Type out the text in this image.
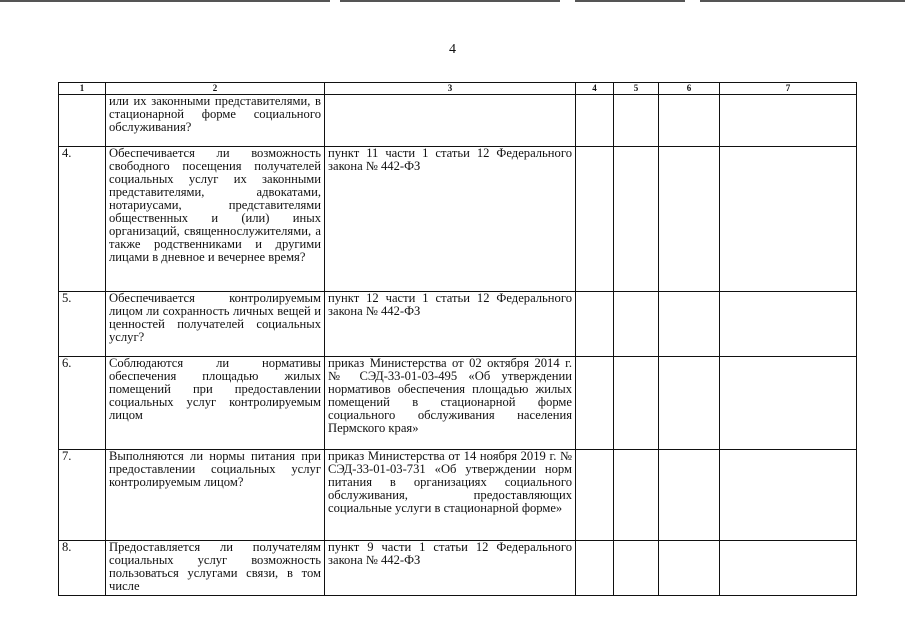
4
1	2	3	4	5	6	7
	или их законными представителями, в стационарной форме социального обслуживания?					
4.	Обеспечивается ли возможность свободного посещения получателей социальных услуг их законными представителями, адвокатами, нотариусами, представителями общественных и (или) иных организаций, священнослужителями, а также родственниками и другими лицами в дневное и вечернее время?	пункт 11 части 1 статьи 12 Федерального закона № 442-ФЗ				
5.	Обеспечивается контролируемым лицом ли сохранность личных вещей и ценностей получателей социальных услуг?	пункт 12 части 1 статьи 12 Федерального закона № 442-ФЗ				
6.	Соблюдаются ли нормативы обеспечения площадью жилых помещений при предоставлении социальных услуг контролируемым лицом	приказ Министерства от 02 октября 2014 г. № СЭД-33-01-03-495 «Об утверждении нормативов обеспечения площадью жилых помещений в стационарной форме социального обслуживания населения Пермского края»				
7.	Выполняются ли нормы питания при предоставлении социальных услуг контролируемым лицом?	приказ Министерства от 14 ноября 2019 г. № СЭД-33-01-03-731 «Об утверждении норм питания в организациях социального обслуживания, предоставляющих социальные услуги в стационарной форме»				
8.	Предоставляется ли получателям социальных услуг возможность пользоваться услугами связи, в том числе	пункт 9 части 1 статьи 12 Федерального закона № 442-ФЗ				
